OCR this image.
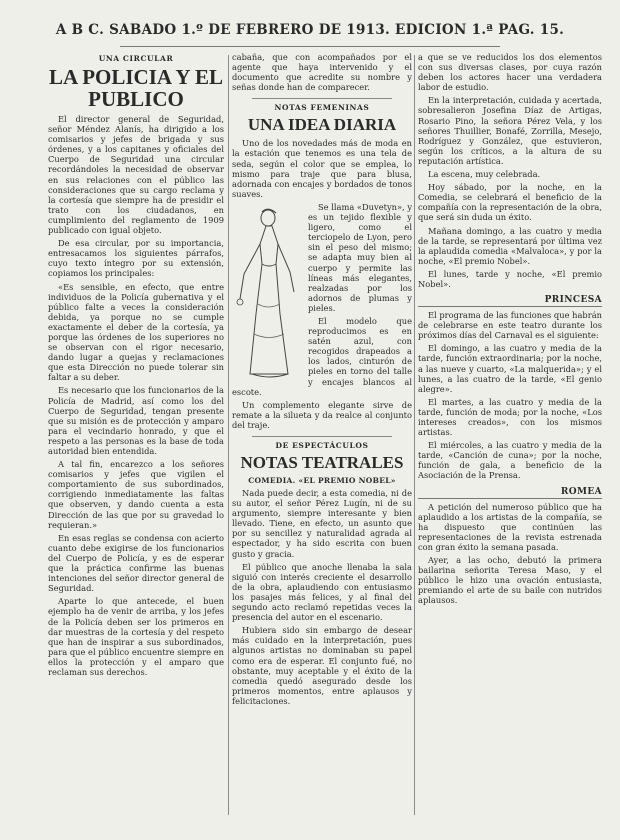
A B C. SABADO 1.º DE FEBRERO DE 1913. EDICION 1.ª PAG. 15.
UNA CIRCULAR
LA POLICIA Y EL PUBLICO

El director general de Seguridad, señor Méndez Alanís, ha dirigido a los comisarios y jefes de brigada y sus órdenes, y a los capitanes y oficiales del Cuerpo de Seguridad una circular recordándoles la necesidad de observar en sus relaciones con el público las consideraciones que su cargo reclama y la cortesía que siempre ha de presidir el trato con los ciudadanos, en cumplimiento del reglamento de 1909 publicado con igual objeto.

De esa circular, por su importancia, entresacamos los siguientes párrafos, cuyo texto íntegro por su extensión, copiamos los principales:

«Es sensible, en efecto, que entre individuos de la Policía gubernativa y el público falte a veces la consideración debida, ya porque no se cumple exactamente el deber de la cortesía, ya porque las órdenes de los superiores no se observan con el rigor necesario, dando lugar a quejas y reclamaciones que esta Dirección no puede tolerar sin faltar a su deber.

Es necesario que los funcionarios de la Policía de Madrid, así como los del Cuerpo de Seguridad, tengan presente que su misión es de protección y amparo para el vecindario honrado, y que el respeto a las personas es la base de toda autoridad bien entendida.

A tal fin, encarezco a los señores comisarios y jefes que vigilen el comportamiento de sus subordinados, corrigiendo inmediatamente las faltas que observen, y dando cuenta a esta Dirección de las que por su gravedad lo requieran.»

En esas reglas se condensa con acierto cuanto debe exigirse de los funcionarios del Cuerpo de Policía, y es de esperar que la práctica confirme las buenas intenciones del señor director general de Seguridad.

Aparte lo que antecede, el buen ejemplo ha de venir de arriba, y los jefes de la Policía deben ser los primeros en dar muestras de la cortesía y del respeto que han de inspirar a sus subordinados, para que el público encuentre siempre en ellos la protección y el amparo que reclaman sus derechos.

cabaña, que con acompañados por el agente que haya intervenido y el documento que acredite su nombre y señas donde han de comparecer.

NOTAS FEMENINAS
UNA IDEA DIARIA

Uno de los novedades más de moda en la estación que tenemos es una tela de seda, según el color que se emplea, lo mismo para traje que para blusa, adornada con encajes y bordados de tonos suaves.

Se llama «Duvetyn», y es un tejido flexible y ligero, como el terciopelo de Lyon, pero sin el peso del mismo; se adapta muy bien al cuerpo y permite las líneas más elegantes, realzadas por los adornos de plumas y pieles.

El modelo que reproducimos es en satén azul, con recogidos drapeados a los lados, cinturón de pieles en torno del talle y encajes blancos al escote.

Un complemento elegante sirve de remate a la silueta y da realce al conjunto del traje.

DE ESPECTÁCULOS
NOTAS TEATRALES
COMEDIA. «EL PREMIO NOBEL»

Nada puede decir, a esta comedia, ni de su autor, el señor Pérez Lugín, ni de su argumento, siempre interesante y bien llevado. Tiene, en efecto, un asunto que por su sencillez y naturalidad agrada al espectador, y ha sido escrita con buen gusto y gracia.

El público que anoche llenaba la sala siguió con interés creciente el desarrollo de la obra, aplaudiendo con entusiasmo los pasajes más felices, y al final del segundo acto reclamó repetidas veces la presencia del autor en el escenario.

Hubiera sido sin embargo de desear más cuidado en la interpretación, pues algunos artistas no dominaban su papel como era de esperar. El conjunto fué, no obstante, muy aceptable y el éxito de la comedia quedó asegurado desde los primeros momentos, entre aplausos y felicitaciones.

a que se ve reducidos los dos elementos con sus diversas clases, por cuya razón deben los actores hacer una verdadera labor de estudio.

En la interpretación, cuidada y acertada, sobresalieron Josefina Díaz de Artigas, Rosario Pino, la señora Pérez Vela, y los señores Thuillier, Bonafé, Zorrilla, Mesejo, Rodríguez y González, que estuvieron, según los críticos, a la altura de su reputación artística.

La escena, muy celebrada.

Hoy sábado, por la noche, en la Comedia, se celebrará el beneficio de la compañía con la representación de la obra, que será sin duda un éxito.

Mañana domingo, a las cuatro y media de la tarde, se representará por última vez la aplaudida comedia «Malvaloca», y por la noche, «El premio Nobel».

El lunes, tarde y noche, «El premio Nobel».

PRINCESA

El programa de las funciones que habrán de celebrarse en este teatro durante los próximos días del Carnaval es el siguiente:

El domingo, a las cuatro y media de la tarde, función extraordinaria; por la noche, a las nueve y cuarto, «La malquerida»; y el lunes, a las cuatro de la tarde, «El genio alegre».

El martes, a las cuatro y media de la tarde, función de moda; por la noche, «Los intereses creados», con los mismos artistas.

El miércoles, a las cuatro y media de la tarde, «Canción de cuna»; por la noche, función de gala, a beneficio de la Asociación de la Prensa.

ROMEA

A petición del numeroso público que ha aplaudido a los artistas de la compañía, se ha dispuesto que continúen las representaciones de la revista estrenada con gran éxito la semana pasada.

Ayer, a las ocho, debutó la primera bailarina señorita Teresa Maso, y el público le hizo una ovación entusiasta, premiando el arte de su baile con nutridos aplausos.
